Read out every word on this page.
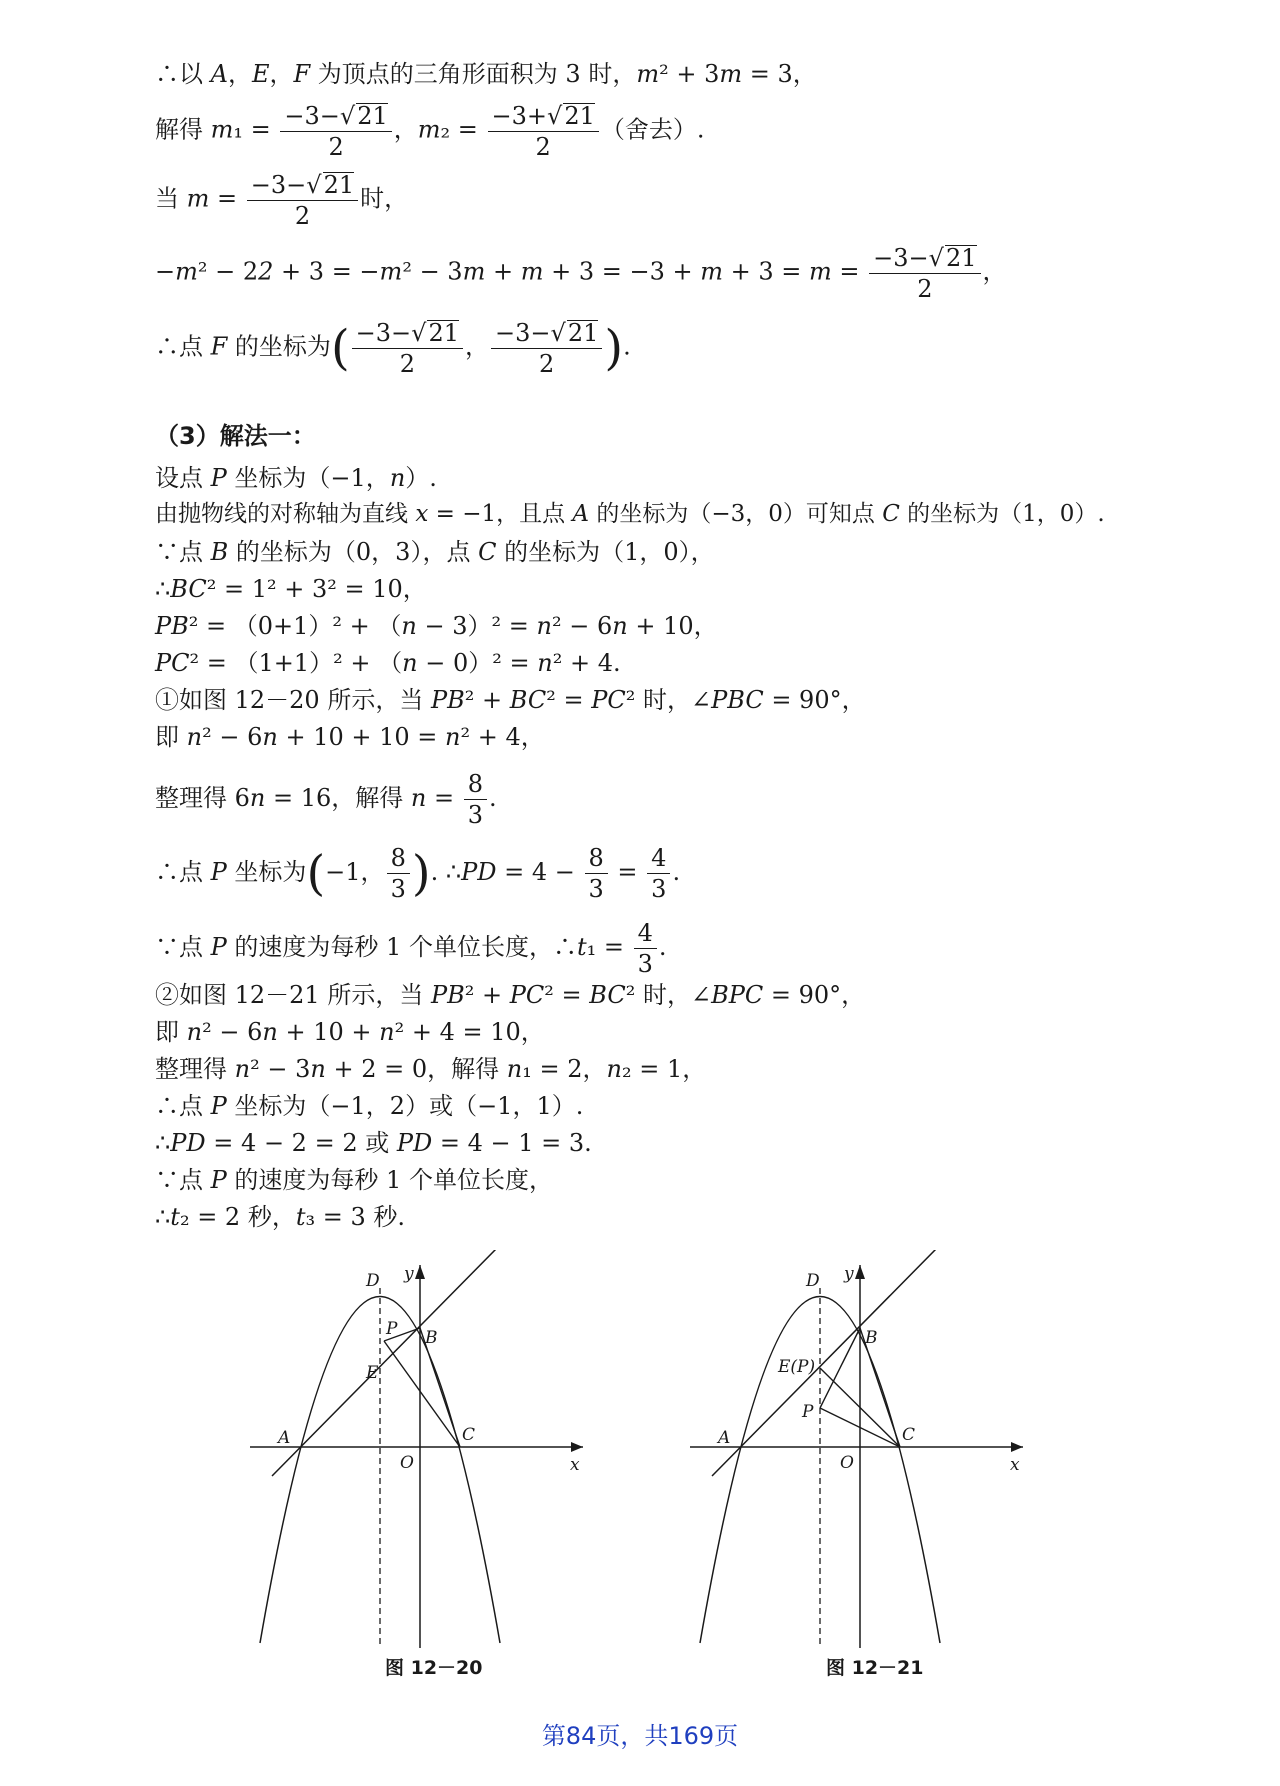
∴以 A，E，F 为顶点的三角形面积为 3 时，m² + 3m = 3，
解得 $m_1 = \frac{-3-√21}{2}$ ，$m_2 = \frac{-3+√21}{2}$ （舍去）.
当 $m = \frac{-3-√21}{2}$ 时，
$-m^2 - 22 + 3 = -m^2 - 3m + m + 3 = -3 + m + 3 = m = \frac{-3-√21}{2}$ ，
∴点 F 的坐标为( $\frac{-3-√21}{2}$ ， $\frac{-3-√21}{2}$ ).
（3）解法一：
设点 P 坐标为（−1，n）.
由抛物线的对称轴为直线 x = −1，且点 A 的坐标为（−3，0）可知点 C 的坐标为（1，0）.
∵点 B 的坐标为（0，3），点 C 的坐标为（1，0），
∴BC² = 1² + 3² = 10，
PB² = （0+1）² + （n − 3）² = n² − 6n + 10，
PC² = （1+1）² + （n − 0）² = n² + 4.
①如图 12－20 所示，当 PB² + BC² = PC² 时，∠PBC = 90°，
即 n² − 6n + 10 + 10 = n² + 4，
整理得 6n = 16，解得 $n = \frac{8}{3}$ .
∴点 P 坐标为(−1， $\frac{8}{3}$ ). ∴PD = $4 - \frac{8}{3} = \frac{4}{3}$ .
∵点 P 的速度为每秒 1 个单位长度，∴t₁ = $\frac{4}{3}$ .
②如图 12－21 所示，当 PB² + PC² = BC² 时，∠BPC = 90°，
即 n² − 6n + 10 + n² + 4 = 10，
整理得 n² − 3n + 2 = 0，解得 n₁ = 2，n₂ = 1，
∴点 P 坐标为（−1，2）或（−1，1）.
∴PD = 4 − 2 = 2 或 PD = 4 − 1 = 3.
∵点 P 的速度为每秒 1 个单位长度，
∴t₂ = 2 秒，t₃ = 3 秒.
D y
P B
E
A	C
O	x
图 12－20
D y
B
E(P)
P
A	C
O	x
图 12－21
第84页，共169页
